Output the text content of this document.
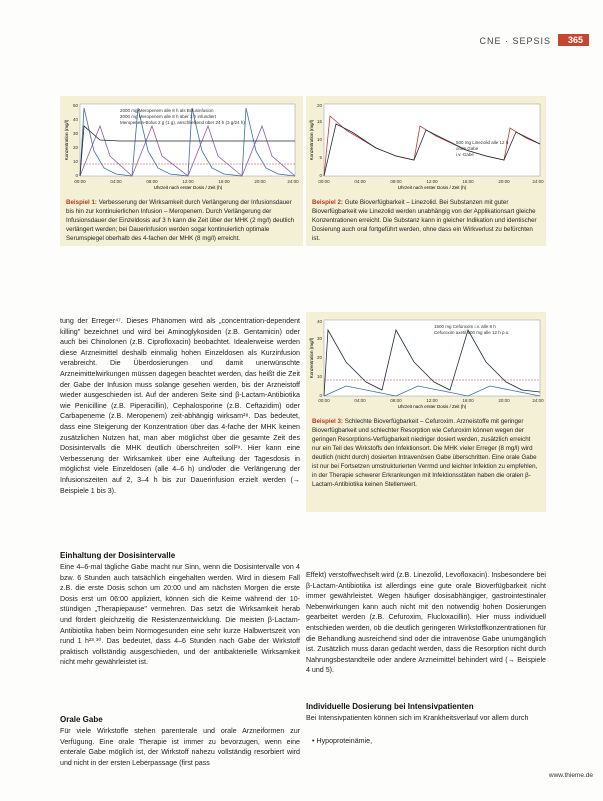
CNE · SEPSIS	365
2000 mg Meropenem alle 8 h als Bolusinfusion
2000 mg Meropenem alle 8 h über 3 h infundiert
Meropenem-Bolus 2 g (1 g), anschließend über 24 h (3 g/24 h)
Konzentration (mg/l)
0
10
20
30
40
50
00:00	04:00	08:00	12:00	16:00	20:00	24:00
Uhrzeit nach erster Dosis / Zeit (h)
Beispiel 1: Verbesserung der Wirksamkeit durch Verlängerung der Infusionsdauer bis hin zur kontinuierlichen Infusion – Meropenem. Durch Verlängerung der Infusionsdauer der Einzeldosis auf 3 h kann die Zeit über der MHK (2 mg/l) deutlich verlängert werden; bei Dauerinfusion werden sogar kontinuierlich optimale Serumspiegel oberhalb des 4-fachen der MHK (8 mg/l) erreicht.
500 mg Linezolid alle 12 h
orale Gabe
i.v.-Gabe
Konzentration (mg/l)
0
5
10
15
20
00:00	04:00	08:00	12:00	16:00	20:00	24:00
Uhrzeit nach erster Dosis / Zeit (h)
Beispiel 2: Gute Bioverfügbarkeit – Linezolid. Bei Substanzen mit guter Bioverfügbarkeit wie Linezolid werden unabhängig von der Applikationsart gleiche Konzentrationen erreicht. Die Substanz kann in gleicher Indikation und identischer Dosierung auch oral fortgeführt werden, ohne dass ein Wirkverlust zu befürchten ist.
1500 mg Cefuroxim i.v. alle 8 h
Cefuroxim axetil 500 mg alle 12 h p.o.
Konzentration (mg/l)
0
10
20
30
40
00:00	04:00	08:00	12:00	16:00	20:00	24:00
Uhrzeit nach erster Dosis / Zeit (h)
Beispiel 3: Schlechte Bioverfügbarkeit – Cefuroxim. Arzneistoffe mit geringer Bioverfügbarkeit und schlechter Resorption wie Cefuroxim können wegen der geringen Resorptions-Verfügbarkeit niedriger dosiert werden, zusätzlich erreicht nur ein Teil des Wirkstoffs den Infektionsort. Die MHK vieler Erreger (8 mg/l) wird deutlich (nicht durch) dosierten Intravenösen Gabe überschritten. Eine orale Gabe ist nur bei Fortsetzen umstrukturierten Verrmd und leichter Infektion zu empfehlen, in der Therapie schwerer Erkrankungen mit Infektionsstäten haben die oralen β-Lactam-Antibiotika keinen Stellenwert.
tung der Erreger⁴⁷. Dieses Phänomen wird als „concentration-dependent killing" bezeichnet und wird bei Aminoglykosiden (z.B. Gentamicin) oder auch bei Chinolonen (z.B. Ciprofloxacin) beobachtet. Idealerweise werden diese Arzneimittel deshalb einmalig hohen Einzeldosen als Kurzinfusion verabreicht. Die Überdosierungen und damit unerwünschte Arzneimittelwirkungen müssen dagegen beachtet werden, das heißt die Zeit der Gabe der Infusion muss solange gesehen werden, bis der Arzneistoff wieder ausgeschieden ist. Auf der anderen Seite sind β-Lactam-Antibiotika wie Penicilline (z.B. Piperacillin), Cephalosporine (z.B. Ceftazidim) oder Carbapeneme (z.B. Meropenem) zeit-abhängig wirksam²⁸. Das bedeutet, dass eine Steigerung der Konzentration über das 4-fache der MHK keinen zusätzlichen Nutzen hat, man aber möglichst über die gesamte Zeit des Dosisintervalls die MHK deutlich überschreiten soll²⁹. Hier kann eine Verbesserung der Wirksamkeit über eine Aufteilung der Tagesdosis in möglichst viele Einzeldosen (alle 4–6 h) und/oder die Verlängerung der Infusionszeiten auf 2, 3–4 h bis zur Dauerinfusion erzielt werden (→ Beispiele 1 bis 3).
Einhaltung der Dosisintervalle
Eine 4–6-mal tägliche Gabe macht nur Sinn, wenn die Dosisintervalle von 4 bzw. 6 Stunden auch tatsächlich eingehalten werden. Wird in diesem Fall z.B. die erste Dosis schon um 20:00 und am nächsten Morgen die erste Dosis erst um 06:00 appliziert, können sich die Keime während der 10-stündigen „Therapiepause" vermehren. Das setzt die Wirksamkeit herab und fördert gleichzeitig die Resistenzentwicklung. Die meisten β-Lactam-Antibiotika haben beim Normogesunden eine sehr kurze Halbwertszeit von rund 1 h²³˒³⁰. Das bedeutet, dass 4–6 Stunden nach Gabe der Wirkstoff praktisch vollständig ausgeschieden, und der antibakterielle Wirksamkeit nicht mehr gewährleistet ist.
Orale Gabe
Für viele Wirkstoffe stehen parenterale und orale Arzneiformen zur Verfügung. Eine orale Therapie ist immer zu bevorzugen, wenn eine enterale Gabe möglich ist, der Wirkstoff nahezu vollständig resorbiert wird und nicht in der ersten Leberpassage (first pass
Effekt) verstoffwechselt wird (z.B. Linezolid, Levofloxacin). Insbesondere bei β-Lactam-Antibiotika ist allerdings eine gute orale Bioverfügbarkeit nicht immer gewährleistet. Wegen häufiger dosisabhängiger, gastrointestinaler Nebenwirkungen kann auch nicht mit den notwendig hohen Dosierungen gearbeitet werden (z.B. Cefuroxim, Flucloxacillin). Hier muss individuell entschieden werden, ob die deutlich geringeren Wirkstoffkonzentrationen für die Behandlung ausreichend sind oder die intravenöse Gabe unumgänglich ist. Zusätzlich muss daran gedacht werden, dass die Resorption nicht durch Nahrungsbestandteile oder andere Arzneimittel behindert wird (→ Beispiele 4 und 5).
Individuelle Dosierung bei Intensivpatienten
Bei Intensivpatienten können sich im Krankheitsverlauf vor allem durch
• Hypoproteinämie,
www.thieme.de
